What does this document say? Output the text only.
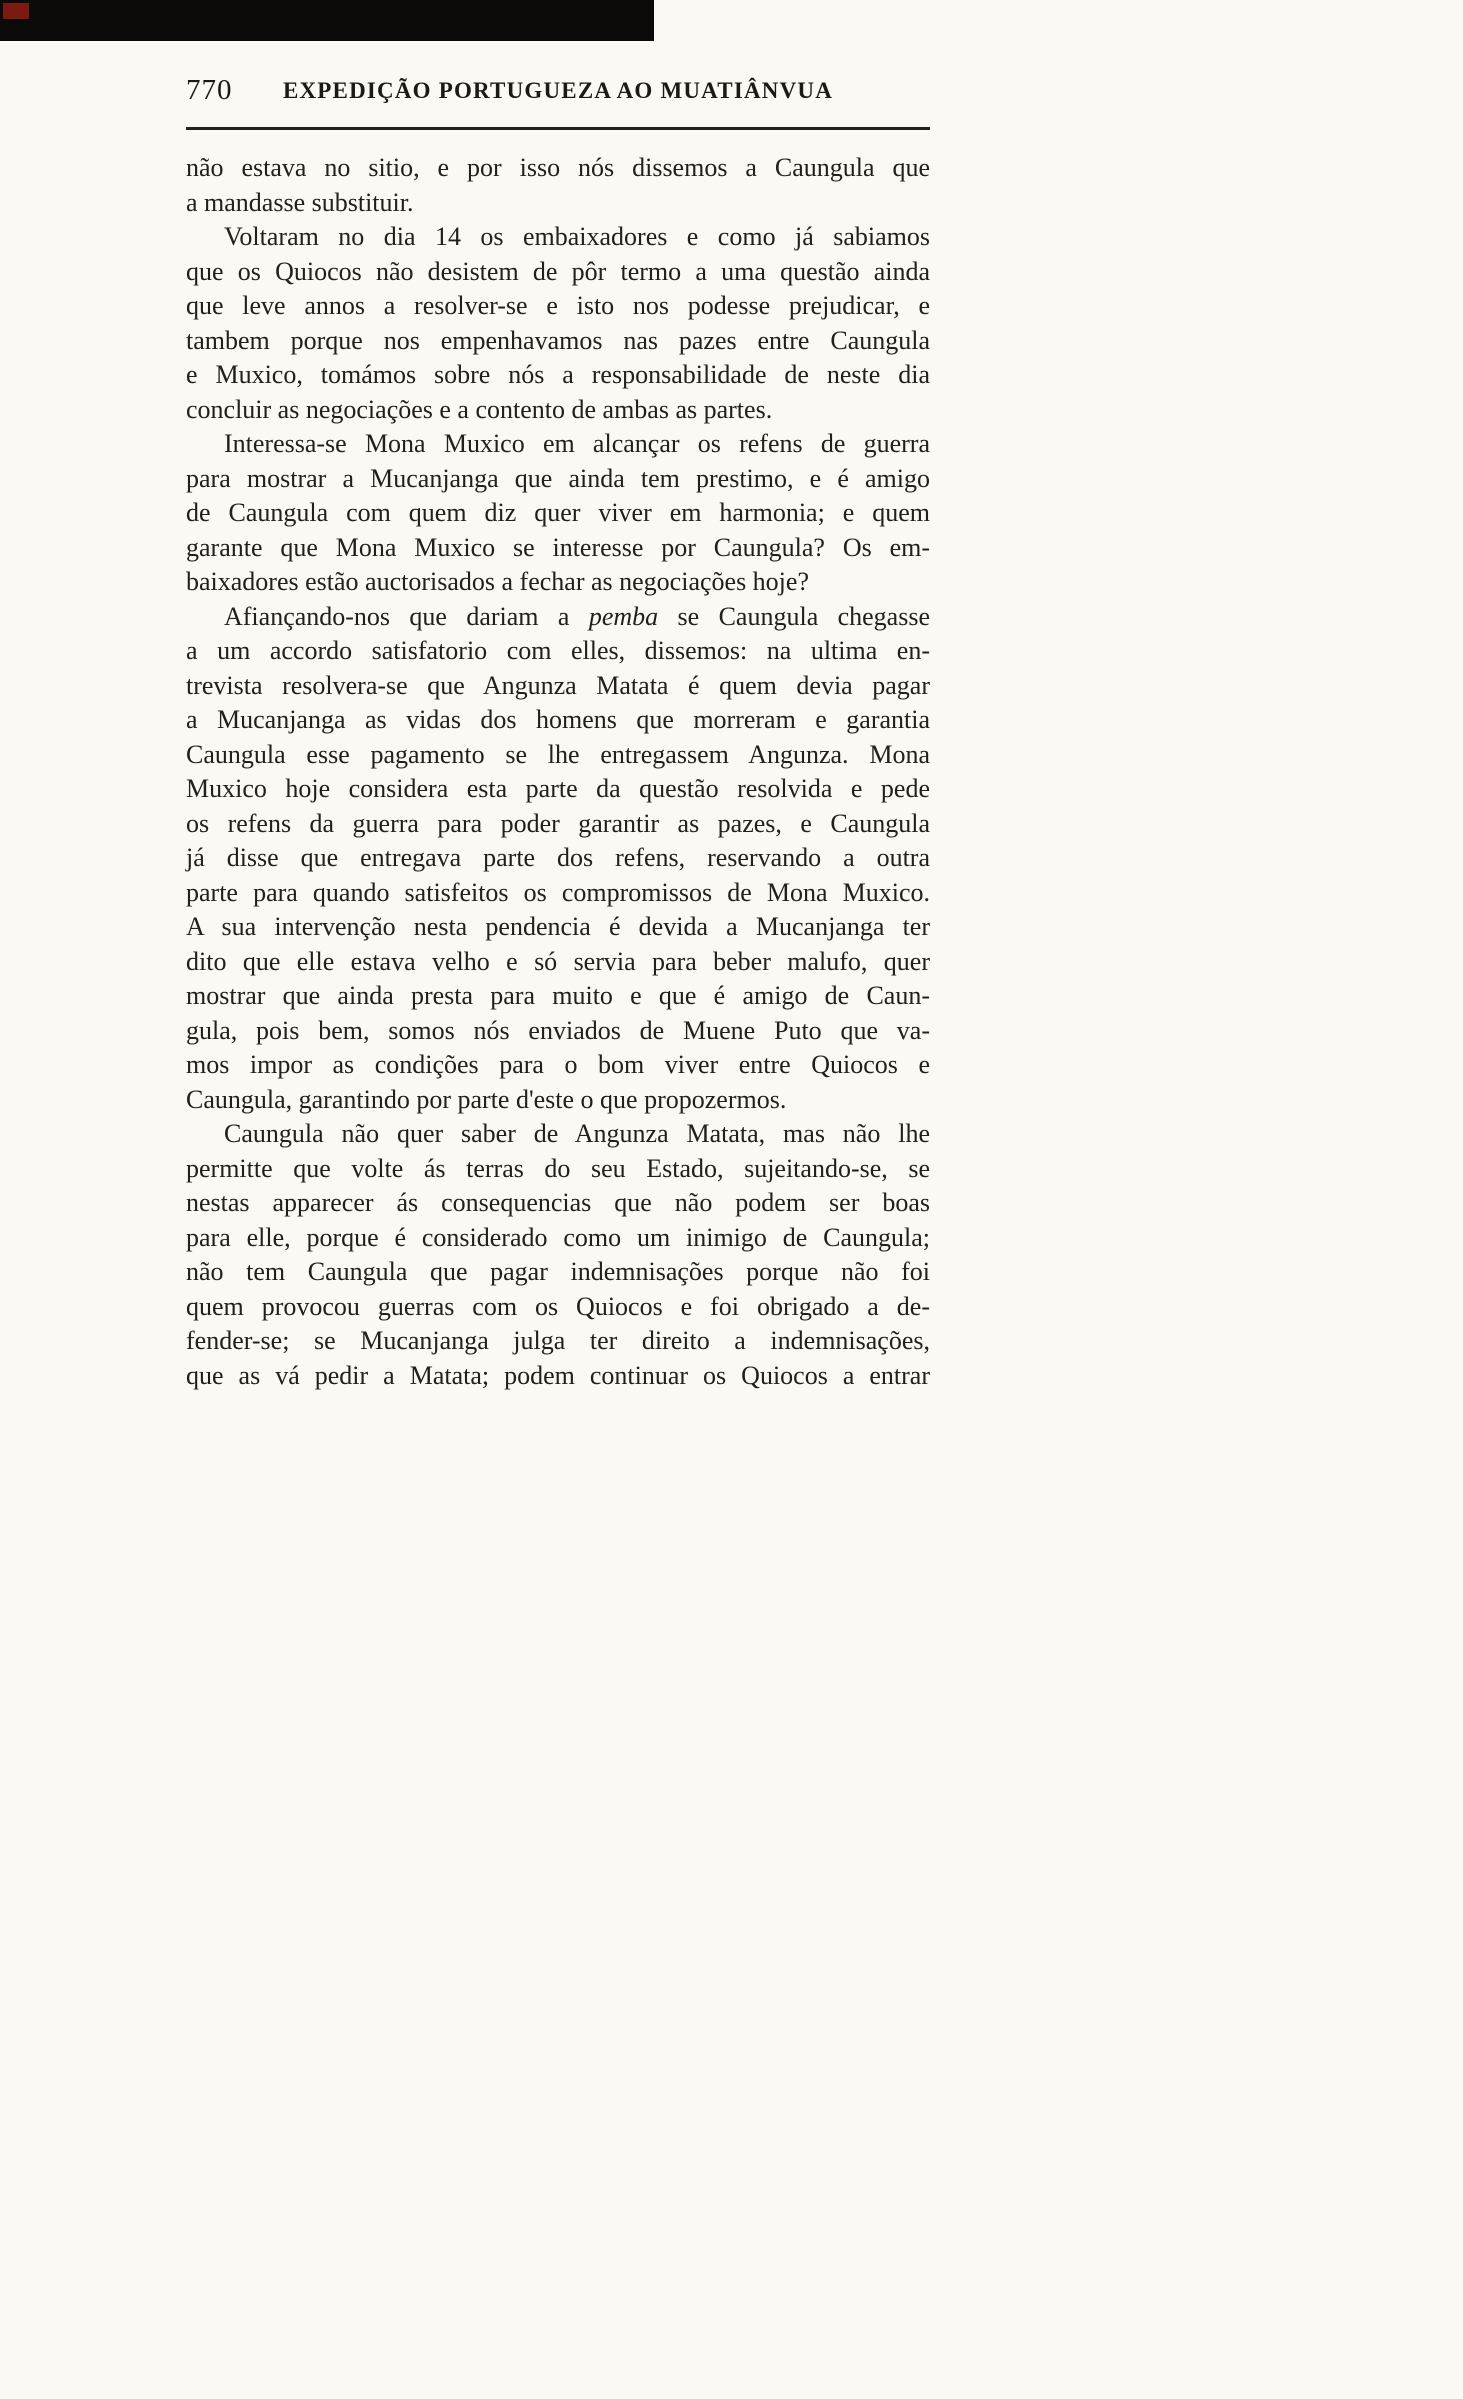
770	EXPEDIÇÃO PORTUGUEZA AO MUATIÂNVUA
não estava no sitio, e por isso nós dissemos a Caungula que
a mandasse substituir.
Voltaram no dia 14 os embaixadores e como já sabiamos
que os Quiocos não desistem de pôr termo a uma questão ainda
que leve annos a resolver-se e isto nos podesse prejudicar, e
tambem porque nos empenhavamos nas pazes entre Caungula
e Muxico, tomámos sobre nós a responsabilidade de neste dia
concluir as negociações e a contento de ambas as partes.
Interessa-se Mona Muxico em alcançar os refens de guerra
para mostrar a Mucanjanga que ainda tem prestimo, e é amigo
de Caungula com quem diz quer viver em harmonia; e quem
garante que Mona Muxico se interesse por Caungula? Os em-
baixadores estão auctorisados a fechar as negociações hoje?
Afiançando-nos que dariam a pemba se Caungula chegasse
a um accordo satisfatorio com elles, dissemos: na ultima en-
trevista resolvera-se que Angunza Matata é quem devia pagar
a Mucanjanga as vidas dos homens que morreram e garantia
Caungula esse pagamento se lhe entregassem Angunza. Mona
Muxico hoje considera esta parte da questão resolvida e pede
os refens da guerra para poder garantir as pazes, e Caungula
já disse que entregava parte dos refens, reservando a outra
parte para quando satisfeitos os compromissos de Mona Muxico.
A sua intervenção nesta pendencia é devida a Mucanjanga ter
dito que elle estava velho e só servia para beber malufo, quer
mostrar que ainda presta para muito e que é amigo de Caun-
gula, pois bem, somos nós enviados de Muene Puto que va-
mos impor as condições para o bom viver entre Quiocos e
Caungula, garantindo por parte d'este o que propozermos.
Caungula não quer saber de Angunza Matata, mas não lhe
permitte que volte ás terras do seu Estado, sujeitando-se, se
nestas apparecer ás consequencias que não podem ser boas
para elle, porque é considerado como um inimigo de Caungula;
não tem Caungula que pagar indemnisações porque não foi
quem provocou guerras com os Quiocos e foi obrigado a de-
fender-se; se Mucanjanga julga ter direito a indemnisações,
que as vá pedir a Matata; podem continuar os Quiocos a entrar
